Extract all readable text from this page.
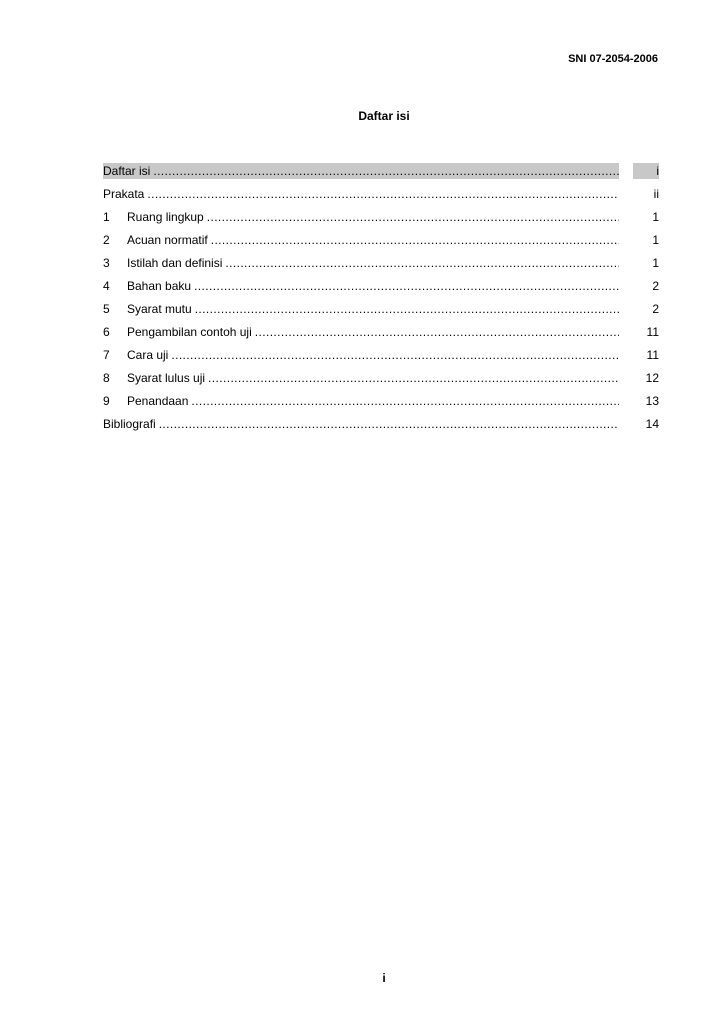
SNI 07-2054-2006
Daftar isi
Daftar isi .....	i
Prakata .....	ii
1	Ruang lingkup .....	1
2	Acuan normatif .....	1
3	Istilah dan definisi .....	1
4	Bahan baku .....	2
5	Syarat mutu .....	2
6	Pengambilan contoh uji .....	11
7	Cara uji .....	11
8	Syarat lulus uji .....	12
9	Penandaan .....	13
Bibliografi .....	14
i
